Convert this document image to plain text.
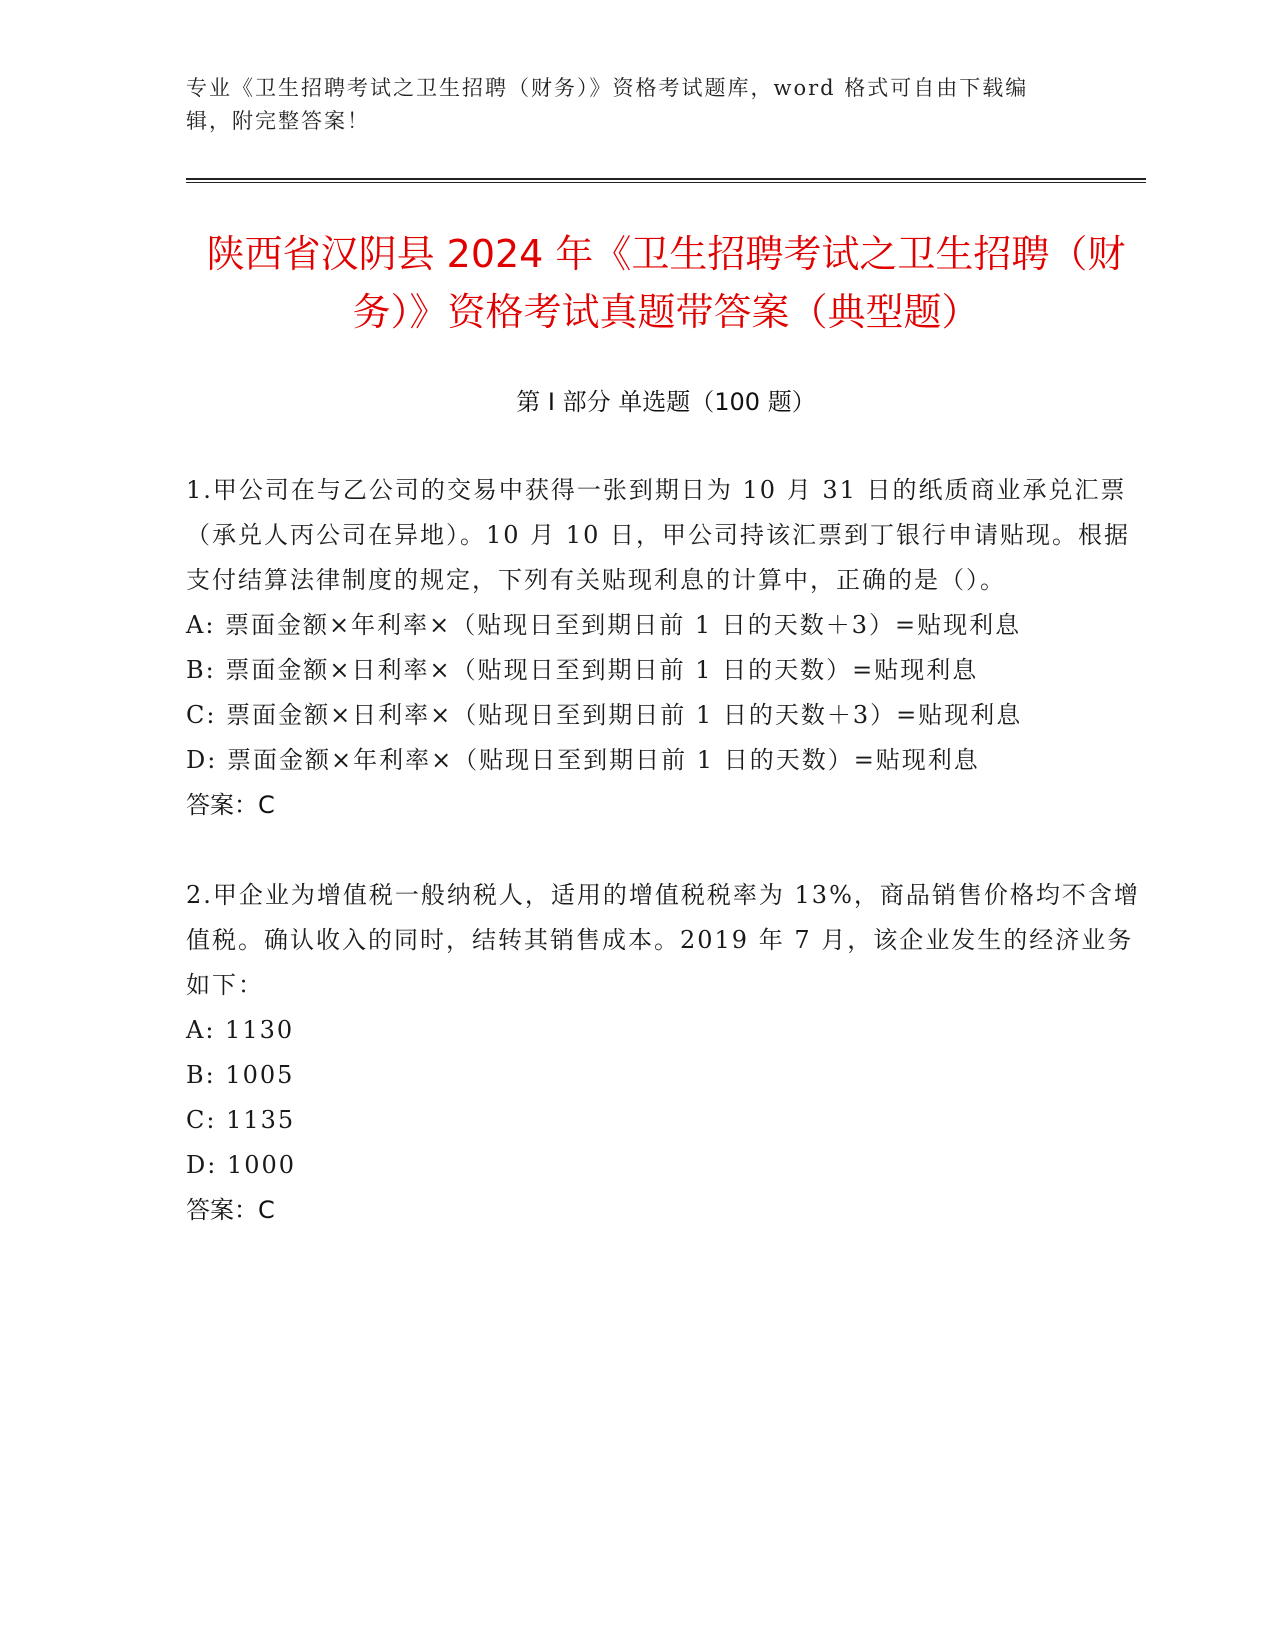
专业《卫生招聘考试之卫生招聘（财务）》资格考试题库，word 格式可自由下载编辑，附完整答案！
陕西省汉阴县 2024 年《卫生招聘考试之卫生招聘（财务）》资格考试真题带答案（典型题）
第 I 部分 单选题（100 题）
1.甲公司在与乙公司的交易中获得一张到期日为 10 月 31 日的纸质商业承兑汇票（承兑人丙公司在异地）。10 月 10 日，甲公司持该汇票到丁银行申请贴现。根据支付结算法律制度的规定，下列有关贴现利息的计算中，正确的是（）。
A: 票面金额×年利率×（贴现日至到期日前 1 日的天数＋3）=贴现利息
B: 票面金额×日利率×（贴现日至到期日前 1 日的天数）=贴现利息
C: 票面金额×日利率×（贴现日至到期日前 1 日的天数＋3）=贴现利息
D: 票面金额×年利率×（贴现日至到期日前 1 日的天数）=贴现利息
答案：C
2.甲企业为增值税一般纳税人，适用的增值税税率为 13%，商品销售价格均不含增值税。确认收入的同时，结转其销售成本。2019 年 7 月，该企业发生的经济业务如下：
A: 1130
B: 1005
C: 1135
D: 1000
答案：C
